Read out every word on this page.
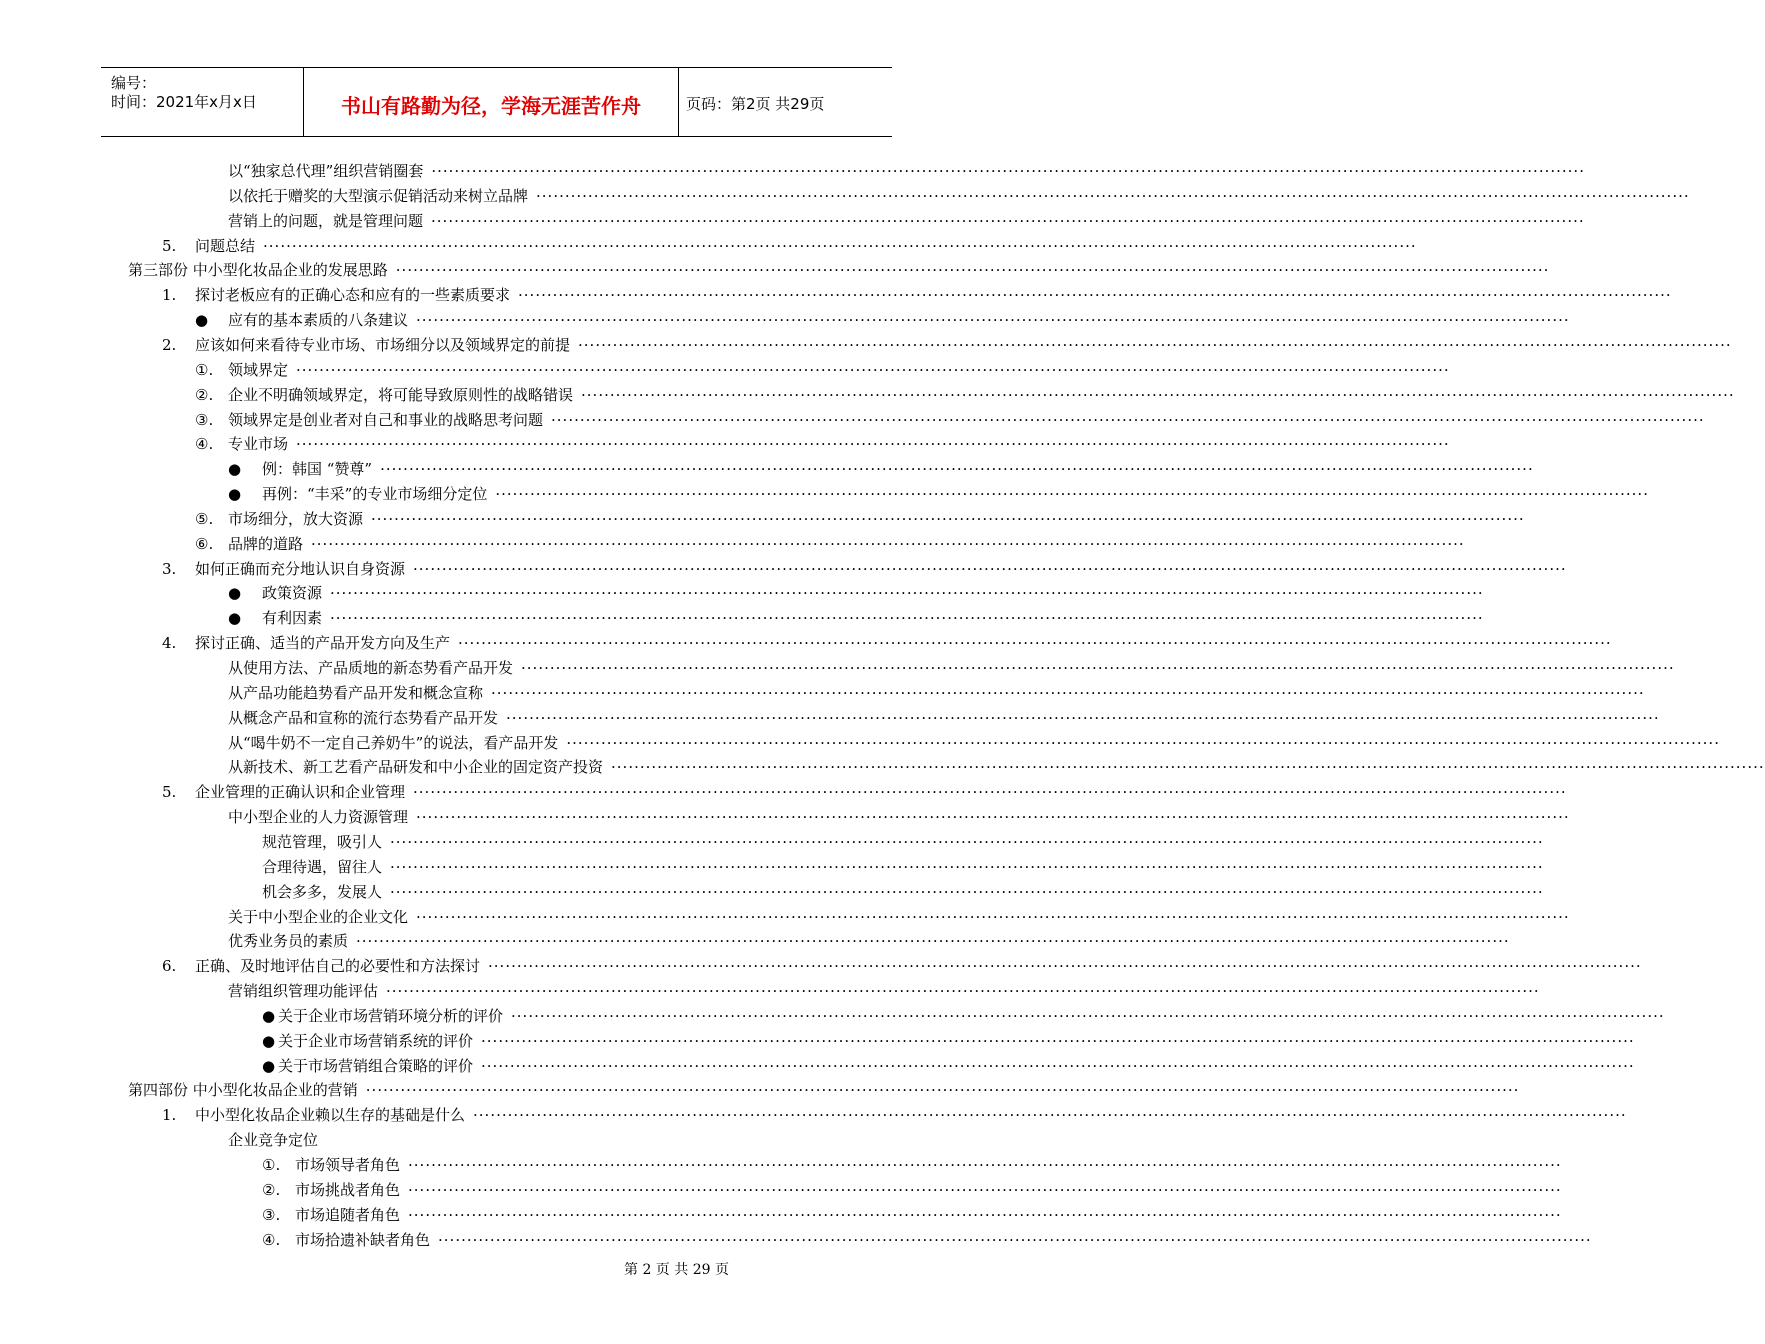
编号：
时间：2021年x月x日	书山有路勤为径，学海无涯苦作舟	页码：第2页 共29页
以“独家总代理”组织营销圈套 ········································································································································································································
以依托于赠奖的大型演示促销活动来树立品牌 ········································································································································································································
营销上的问题，就是管理问题 ········································································································································································································
5. 问题总结 ········································································································································································································
第三部份 中小型化妆品企业的发展思路 ········································································································································································································
1. 探讨老板应有的正确心态和应有的一些素质要求 ········································································································································································································
● 应有的基本素质的八条建议 ········································································································································································································
2. 应该如何来看待专业市场、市场细分以及领域界定的前提 ········································································································································································································
①. 领域界定 ········································································································································································································
②. 企业不明确领域界定，将可能导致原则性的战略错误 ········································································································································································································
③. 领域界定是创业者对自己和事业的战略思考问题 ········································································································································································································
④. 专业市场 ········································································································································································································
● 例：韩国 “赞尊” ········································································································································································································
● 再例：“丰采”的专业市场细分定位 ········································································································································································································
⑤. 市场细分，放大资源 ········································································································································································································
⑥. 品牌的道路 ········································································································································································································
3. 如何正确而充分地认识自身资源 ········································································································································································································
● 政策资源 ········································································································································································································
● 有利因素 ········································································································································································································
4. 探讨正确、适当的产品开发方向及生产 ········································································································································································································
从使用方法、产品质地的新态势看产品开发 ········································································································································································································
从产品功能趋势看产品开发和概念宣称 ········································································································································································································
从概念产品和宣称的流行态势看产品开发 ········································································································································································································
从“喝牛奶不一定自己养奶牛”的说法，看产品开发 ········································································································································································································
从新技术、新工艺看产品研发和中小企业的固定资产投资 ········································································································································································································
5. 企业管理的正确认识和企业管理 ········································································································································································································
中小型企业的人力资源管理 ········································································································································································································
规范管理，吸引人 ········································································································································································································
合理待遇，留往人 ········································································································································································································
机会多多，发展人 ········································································································································································································
关于中小型企业的企业文化 ········································································································································································································
优秀业务员的素质 ········································································································································································································
6. 正确、及时地评估自己的必要性和方法探讨 ········································································································································································································
营销组织管理功能评估 ········································································································································································································
● 关于企业市场营销环境分析的评价 ········································································································································································································
● 关于企业市场营销系统的评价 ········································································································································································································
● 关于市场营销组合策略的评价 ········································································································································································································
第四部份 中小型化妆品企业的营销 ········································································································································································································
1. 中小型化妆品企业赖以生存的基础是什么 ········································································································································································································
企业竞争定位
①. 市场领导者角色 ········································································································································································································
②. 市场挑战者角色 ········································································································································································································
③. 市场追随者角色 ········································································································································································································
④. 市场拾遗补缺者角色 ········································································································································································································
第 2 页 共 29 页
